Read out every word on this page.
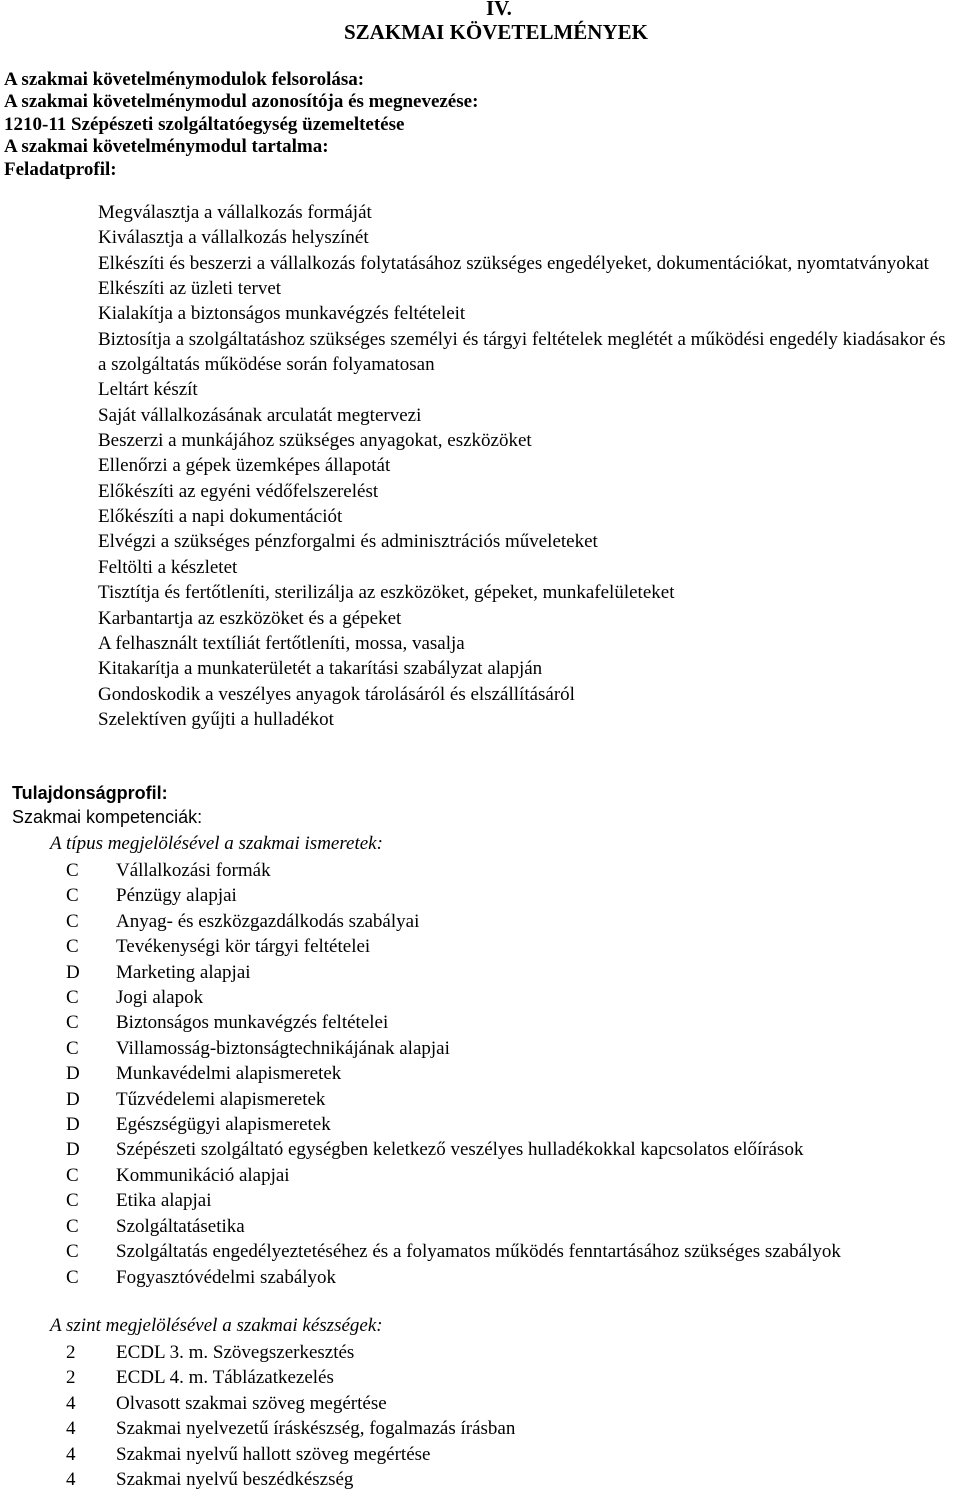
IV.
SZAKMAI KÖVETELMÉNYEK
A szakmai követelménymodulok felsorolása:
A szakmai követelménymodul azonosítója és megnevezése:
1210-11 Szépészeti szolgáltatóegység üzemeltetése
A szakmai követelménymodul tartalma:
Feladatprofil:
Megválasztja a vállalkozás formáját
Kiválasztja a vállalkozás helyszínét
Elkészíti és beszerzi a vállalkozás folytatásához szükséges engedélyeket, dokumentációkat, nyomtatványokat
Elkészíti az üzleti tervet
Kialakítja a biztonságos munkavégzés feltételeit
Biztosítja a szolgáltatáshoz szükséges személyi és tárgyi feltételek meglétét a működési engedély kiadásakor és a szolgáltatás működése során folyamatosan
Leltárt készít
Saját vállalkozásának arculatát megtervezi
Beszerzi a munkájához szükséges anyagokat, eszközöket
Ellenőrzi a gépek üzemképes állapotát
Előkészíti az egyéni védőfelszerelést
Előkészíti a napi dokumentációt
Elvégzi a szükséges pénzforgalmi és adminisztrációs műveleteket
Feltölti a készletet
Tisztítja és fertőtleníti, sterilizálja az eszközöket, gépeket, munkafelületeket
Karbantartja az eszközöket és a gépeket
A felhasznált textíliát fertőtleníti, mossa, vasalja
Kitakarítja a munkaterületét a takarítási szabályzat alapján
Gondoskodik a veszélyes anyagok tárolásáról és elszállításáról
Szelektíven gyűjti a hulladékot
Tulajdonságprofil:
Szakmai kompetenciák:
A típus megjelölésével a szakmai ismeretek:
C	Vállalkozási formák
C	Pénzügy alapjai
C	Anyag- és eszközgazdálkodás szabályai
C	Tevékenységi kör tárgyi feltételei
D	Marketing alapjai
C	Jogi alapok
C	Biztonságos munkavégzés feltételei
C	Villamosság-biztonságtechnikájának alapjai
D	Munkavédelmi alapismeretek
D	Tűzvédelemi alapismeretek
D	Egészségügyi alapismeretek
D	Szépészeti szolgáltató egységben keletkező veszélyes hulladékokkal kapcsolatos előírások
C	Kommunikáció alapjai
C	Etika alapjai
C	Szolgáltatásetika
C	Szolgáltatás engedélyeztetéséhez és a folyamatos működés fenntartásához szükséges szabályok
C	Fogyasztóvédelmi szabályok
A szint megjelölésével a szakmai készségek:
2	ECDL 3. m. Szövegszerkesztés
2	ECDL 4. m. Táblázatkezelés
4	Olvasott szakmai szöveg megértése
4	Szakmai nyelvezetű íráskészség, fogalmazás írásban
4	Szakmai nyelvű hallott szöveg megértése
4	Szakmai nyelvű beszédkészség
